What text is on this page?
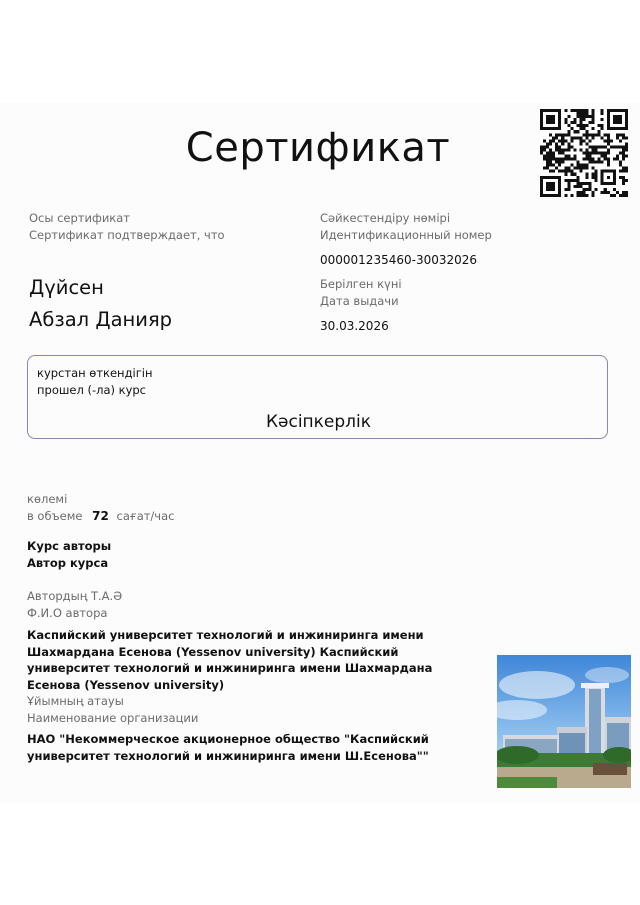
Сертификат
Осы сертификат
Сертификат подтверждает, что
Сәйкестендіру нөмірі
Идентификационный номер
000001235460-30032026
Дүйсен
Абзал Данияр
Берілген күні
Дата выдачи
30.03.2026
курстан өткендігін
прошел (-ла) курс
Кәсіпкерлік
көлемі
в объеме 72 сағат/час
Курс авторы
Автор курса
Автордың Т.А.Ә
Ф.И.О автора
Каспийский университет технологий и инжиниринга имени Шахмардана Есенова (Yessenov university) Каспийский университет технологий и инжиниринга имени Шахмардана Есенова (Yessenov university)
Ұйымның атауы
Наименование организации
НАО "Некоммерческое акционерное общество "Каспийский университет технологий и инжиниринга имени Ш.Есенова""
